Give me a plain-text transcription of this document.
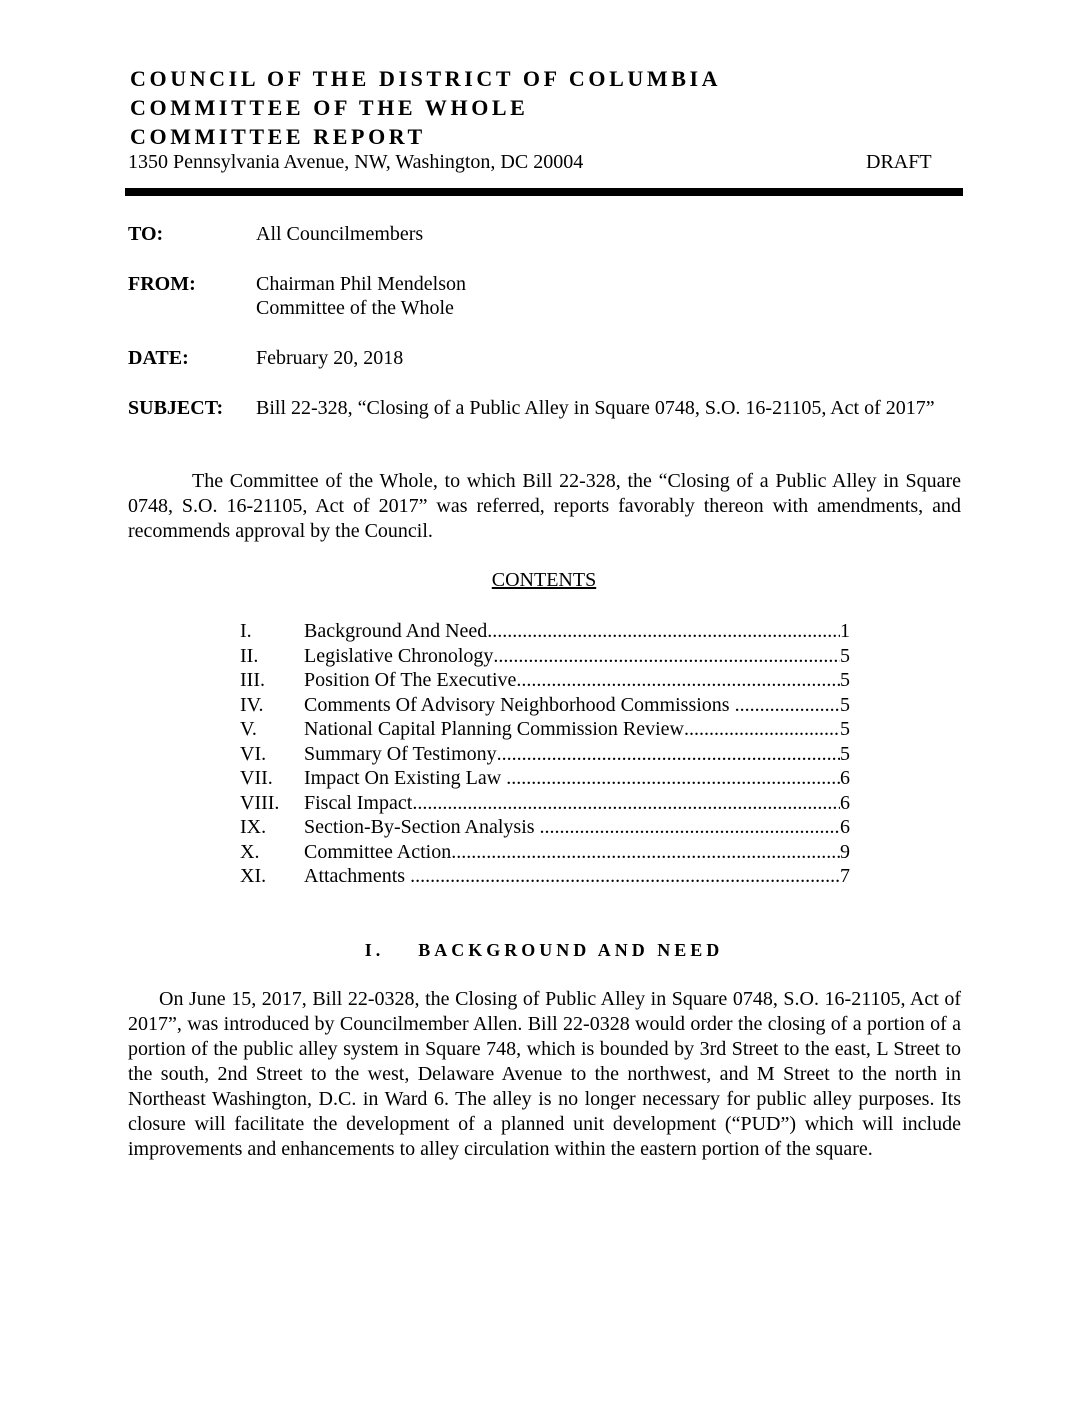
COUNCIL OF THE DISTRICT OF COLUMBIA
COMMITTEE OF THE WHOLE
COMMITTEE REPORT
1350 Pennsylvania Avenue, NW, Washington, DC 20004	DRAFT
TO:	All Councilmembers
FROM:	Chairman Phil Mendelson
Committee of the Whole
DATE:	February 20, 2018
SUBJECT: Bill 22-328, “Closing of a Public Alley in Square 0748, S.O. 16-21105, Act of 2017”
The Committee of the Whole, to which Bill 22-328, the “Closing of a Public Alley in Square 0748, S.O. 16-21105, Act of 2017” was referred, reports favorably thereon with amendments, and recommends approval by the Council.
CONTENTS
I.	Background And Need .....	1
II. Legislative Chronology .....	5
III. Position Of The Executive .....	5
IV. Comments Of Advisory Neighborhood Commissions .....	5
V. National Capital Planning Commission Review .....	5
VI. Summary Of Testimony .....	5
VII. Impact On Existing Law .....	6
VIII. Fiscal Impact .....	6
IX. Section-By-Section Analysis .....	6
X. Committee Action .....	9
XI. Attachments .....	7
I. BACKGROUND AND NEED
On June 15, 2017, Bill 22-0328, the Closing of Public Alley in Square 0748, S.O. 16-21105, Act of 2017”, was introduced by Councilmember Allen. Bill 22-0328 would order the closing of a portion of a portion of the public alley system in Square 748, which is bounded by 3rd Street to the east, L Street to the south, 2nd Street to the west, Delaware Avenue to the northwest, and M Street to the north in Northeast Washington, D.C. in Ward 6. The alley is no longer necessary for public alley purposes. Its closure will facilitate the development of a planned unit development (“PUD”) which will include improvements and enhancements to alley circulation within the eastern portion of the square.
